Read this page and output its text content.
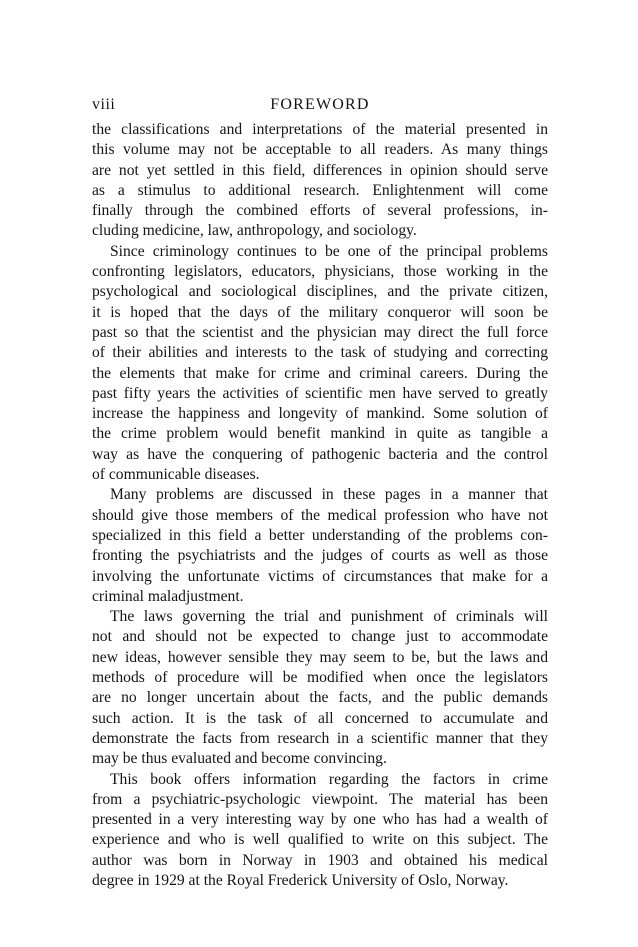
viii	FOREWORD
the classifications and interpretations of the material presented in
this volume may not be acceptable to all readers. As many things
are not yet settled in this field, differences in opinion should serve
as a stimulus to additional research. Enlightenment will come
finally through the combined efforts of several professions, in-
cluding medicine, law, anthropology, and sociology.
Since criminology continues to be one of the principal problems
confronting legislators, educators, physicians, those working in the
psychological and sociological disciplines, and the private citizen,
it is hoped that the days of the military conqueror will soon be
past so that the scientist and the physician may direct the full force
of their abilities and interests to the task of studying and correcting
the elements that make for crime and criminal careers. During the
past fifty years the activities of scientific men have served to greatly
increase the happiness and longevity of mankind. Some solution of
the crime problem would benefit mankind in quite as tangible a
way as have the conquering of pathogenic bacteria and the control
of communicable diseases.
Many problems are discussed in these pages in a manner that
should give those members of the medical profession who have not
specialized in this field a better understanding of the problems con-
fronting the psychiatrists and the judges of courts as well as those
involving the unfortunate victims of circumstances that make for a
criminal maladjustment.
The laws governing the trial and punishment of criminals will
not and should not be expected to change just to accommodate
new ideas, however sensible they may seem to be, but the laws and
methods of procedure will be modified when once the legislators
are no longer uncertain about the facts, and the public demands
such action. It is the task of all concerned to accumulate and
demonstrate the facts from research in a scientific manner that they
may be thus evaluated and become convincing.
This book offers information regarding the factors in crime
from a psychiatric-psychologic viewpoint. The material has been
presented in a very interesting way by one who has had a wealth of
experience and who is well qualified to write on this subject. The
author was born in Norway in 1903 and obtained his medical
degree in 1929 at the Royal Frederick University of Oslo, Norway.
